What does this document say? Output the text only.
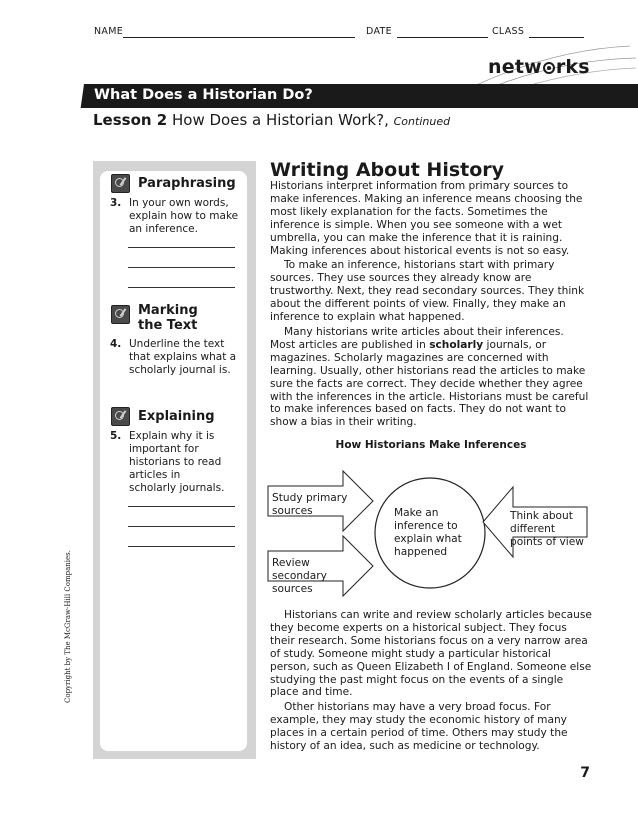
NAME	DATE	CLASS
netw rks
What Does a Historian Do?
Lesson 2 How Does a Historian Work?, Continued
Paraphrasing
3. In your own words, explain how to make an inference.
Marking the Text
4. Underline the text that explains what a scholarly journal is.
Explaining
5. Explain why it is important for historians to read articles in scholarly journals.
Writing About History
Historians interpret information from primary sources to make inferences. Making an inference means choosing the most likely explanation for the facts. Sometimes the inference is simple. When you see someone with a wet umbrella, you can make the inference that it is raining. Making inferences about historical events is not so easy.
To make an inference, historians start with primary sources. They use sources they already know are trustworthy. Next, they read secondary sources. They think about the different points of view. Finally, they make an inference to explain what happened.
Many historians write articles about their inferences. Most articles are published in scholarly journals, or magazines. Scholarly magazines are concerned with learning. Usually, other historians read the articles to make sure the facts are correct. They decide whether they agree with the inferences in the article. Historians must be careful to make inferences based on facts. They do not want to show a bias in their writing.
How Historians Make Inferences
Study primary sources
Review secondary sources
Make an inference to explain what happened
Think about different points of view
Historians can write and review scholarly articles because they become experts on a historical subject. They focus their research. Some historians focus on a very narrow area of study. Someone might study a particular historical person, such as Queen Elizabeth I of England. Someone else studying the past might focus on the events of a single place and time.
Other historians may have a very broad focus. For example, they may study the economic history of many places in a certain period of time. Others may study the history of an idea, such as medicine or technology.
Copyright by The McGraw-Hill Companies.
7
